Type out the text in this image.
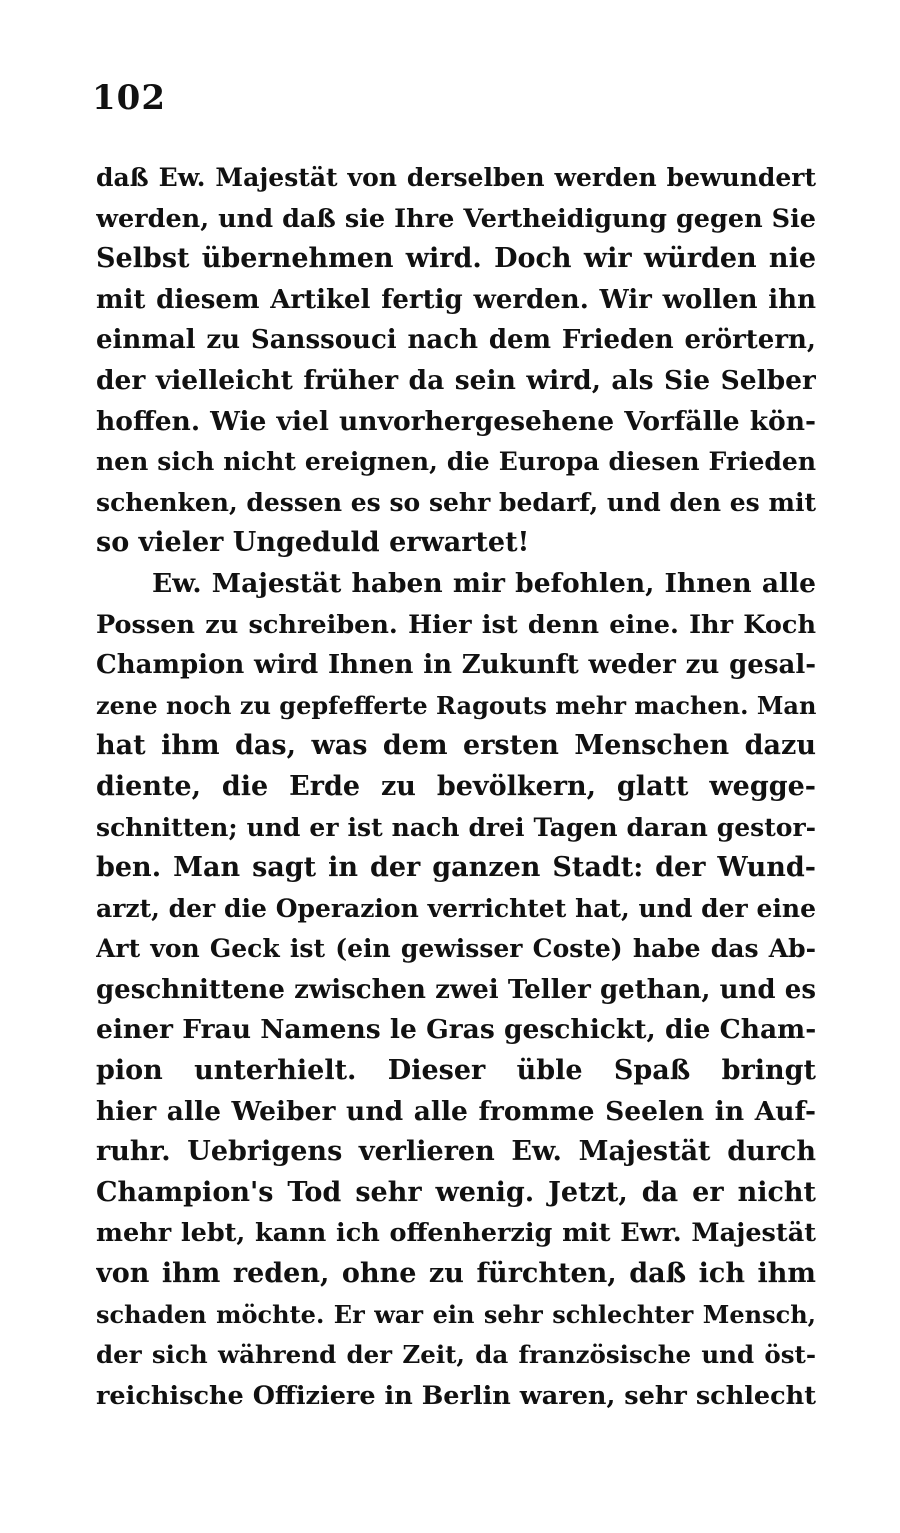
102
daß Ew. Majestät von derselben werden bewundert
werden, und daß sie Ihre Vertheidigung gegen Sie
Selbst übernehmen wird. Doch wir würden nie
mit diesem Artikel fertig werden. Wir wollen ihn
einmal zu Sanssouci nach dem Frieden erörtern,
der vielleicht früher da sein wird, als Sie Selber
hoffen. Wie viel unvorhergesehene Vorfälle kön-
nen sich nicht ereignen, die Europa diesen Frieden
schenken, dessen es so sehr bedarf, und den es mit
so vieler Ungeduld erwartet!
Ew. Majestät haben mir befohlen, Ihnen alle
Possen zu schreiben. Hier ist denn eine. Ihr Koch
Champion wird Ihnen in Zukunft weder zu gesal-
zene noch zu gepfefferte Ragouts mehr machen. Man
hat ihm das, was dem ersten Menschen dazu
diente, die Erde zu bevölkern, glatt wegge-
schnitten; und er ist nach drei Tagen daran gestor-
ben. Man sagt in der ganzen Stadt: der Wund-
arzt, der die Operazion verrichtet hat, und der eine
Art von Geck ist (ein gewisser Coste) habe das Ab-
geschnittene zwischen zwei Teller gethan, und es
einer Frau Namens le Gras geschickt, die Cham-
pion unterhielt. Dieser üble Spaß bringt
hier alle Weiber und alle fromme Seelen in Auf-
ruhr. Uebrigens verlieren Ew. Majestät durch
Champion's Tod sehr wenig. Jetzt, da er nicht
mehr lebt, kann ich offenherzig mit Ewr. Majestät
von ihm reden, ohne zu fürchten, daß ich ihm
schaden möchte. Er war ein sehr schlechter Mensch,
der sich während der Zeit, da französische und öst-
reichische Offiziere in Berlin waren, sehr schlecht
